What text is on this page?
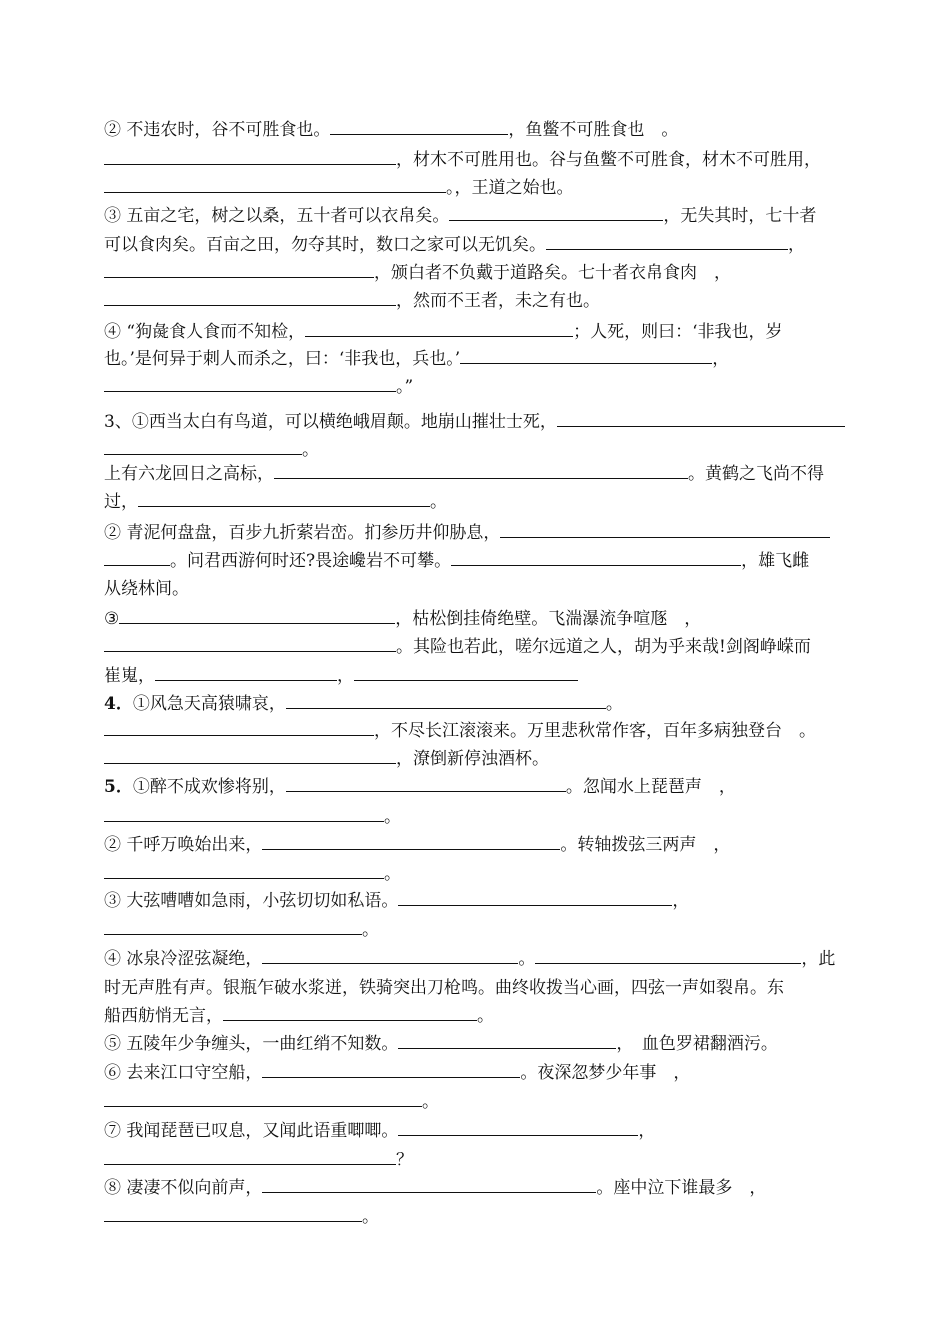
② 不违农时，谷不可胜食也。	，鱼鳖不可胜食也　。
，材木不可胜用也。谷与鱼鳖不可胜食，材木不可胜用，
。，王道之始也。
③ 五亩之宅，树之以桑，五十者可以衣帛矣。	，无失其时，七十者
可以食肉矣。百亩之田，勿夺其时，数口之家可以无饥矣。	，
，颁白者不负戴于道路矣。七十者衣帛食肉　，
，然而不王者，未之有也。
④ “狗彘食人食而不知检，	；人死，则曰：‘非我也，岁
也。’是何异于刺人而杀之，曰：‘非我也，兵也。’	，
。”
3、①西当太白有鸟道，可以横绝峨眉颠。地崩山摧壮士死，
。
上有六龙回日之高标，	。黄鹤之飞尚不得
过，	。
② 青泥何盘盘，百步九折萦岩峦。扪参历井仰胁息，
。问君西游何时还?畏途巉岩不可攀。	，雄飞雌
从绕林间。
③	，枯松倒挂倚绝壁。飞湍瀑流争喧豗　，
。其险也若此，嗟尔远道之人，胡为乎来哉!剑阁峥嵘而
崔嵬，	，
4．①风急天高猿啸哀，	。
，不尽长江滚滚来。万里悲秋常作客，百年多病独登台　。
，潦倒新停浊酒杯。
5．①醉不成欢惨将别，	。忽闻水上琵琶声　，
。
② 千呼万唤始出来，	。转轴拨弦三两声　，
。
③ 大弦嘈嘈如急雨，小弦切切如私语。	，
。
④ 冰泉冷涩弦凝绝，	。	，此
时无声胜有声。银瓶乍破水浆迸，铁骑突出刀枪鸣。曲终收拨当心画，四弦一声如裂帛。东
船西舫悄无言，	。
⑤ 五陵年少争缠头，一曲红绡不知数。	，　血色罗裙翻酒污。
⑥ 去来江口守空船，	。夜深忽梦少年事　，
。
⑦ 我闻琵琶已叹息，又闻此语重唧唧。	，
？
⑧ 凄凄不似向前声，	。座中泣下谁最多　，
。
